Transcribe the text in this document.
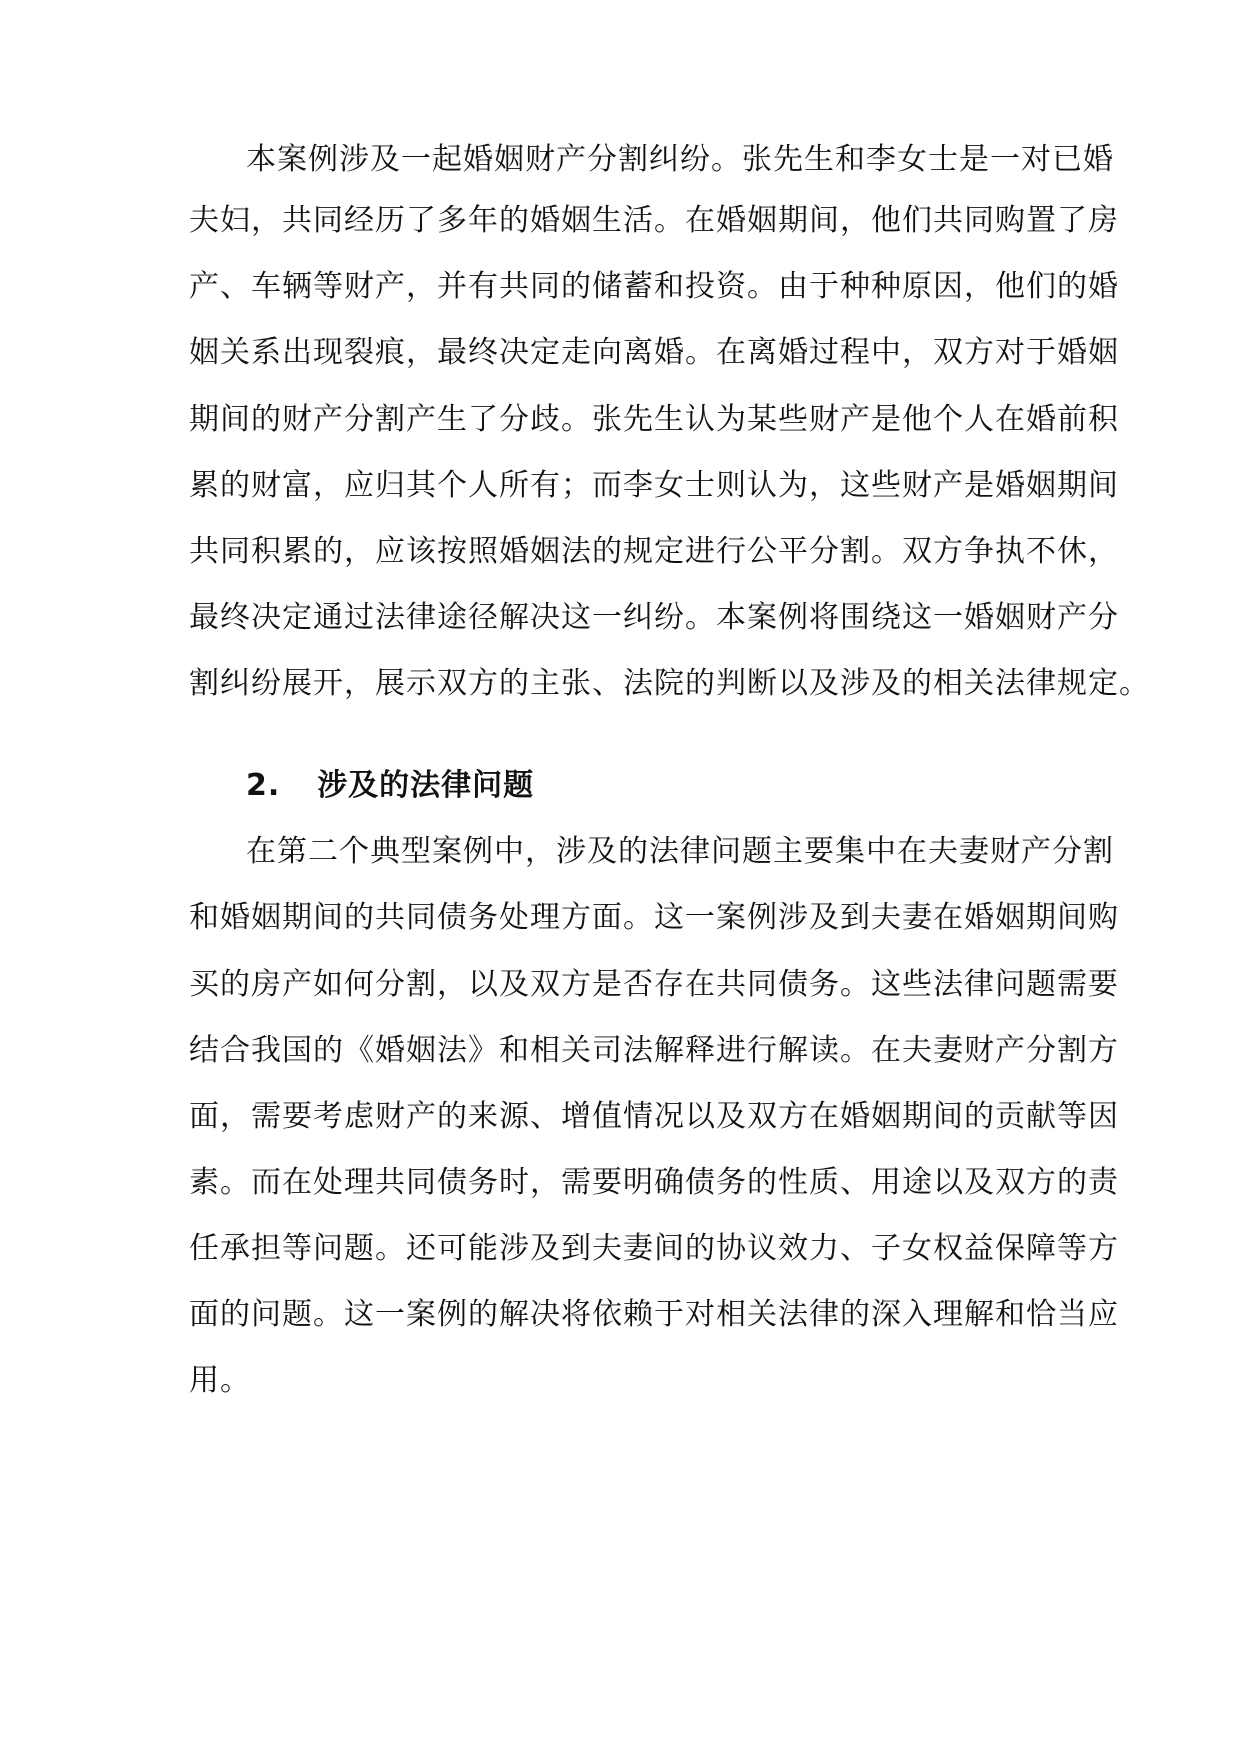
本案例涉及一起婚姻财产分割纠纷。张先生和李女士是一对已婚
夫妇，共同经历了多年的婚姻生活。在婚姻期间，他们共同购置了房
产、车辆等财产，并有共同的储蓄和投资。由于种种原因，他们的婚
姻关系出现裂痕，最终决定走向离婚。在离婚过程中，双方对于婚姻
期间的财产分割产生了分歧。张先生认为某些财产是他个人在婚前积
累的财富，应归其个人所有；而李女士则认为，这些财产是婚姻期间
共同积累的，应该按照婚姻法的规定进行公平分割。双方争执不休，
最终决定通过法律途径解决这一纠纷。本案例将围绕这一婚姻财产分
割纠纷展开，展示双方的主张、法院的判断以及涉及的相关法律规定。
2. 涉及的法律问题
在第二个典型案例中，涉及的法律问题主要集中在夫妻财产分割
和婚姻期间的共同债务处理方面。这一案例涉及到夫妻在婚姻期间购
买的房产如何分割，以及双方是否存在共同债务。这些法律问题需要
结合我国的《婚姻法》和相关司法解释进行解读。在夫妻财产分割方
面，需要考虑财产的来源、增值情况以及双方在婚姻期间的贡献等因
素。而在处理共同债务时，需要明确债务的性质、用途以及双方的责
任承担等问题。还可能涉及到夫妻间的协议效力、子女权益保障等方
面的问题。这一案例的解决将依赖于对相关法律的深入理解和恰当应
用。
